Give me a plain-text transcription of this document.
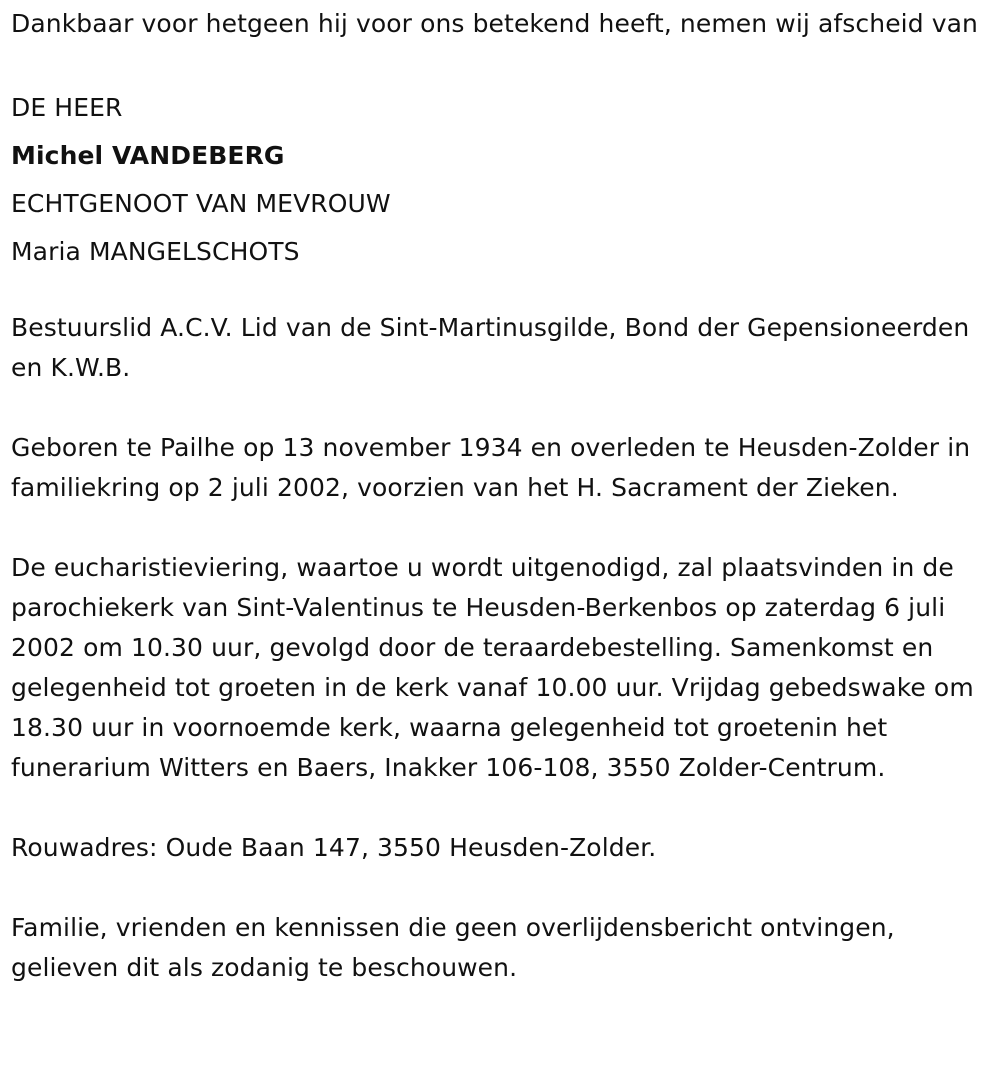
Dankbaar voor hetgeen hij voor ons betekend heeft, nemen wij afscheid van

DE HEER

Michel VANDEBERG

ECHTGENOOT VAN MEVROUW

Maria MANGELSCHOTS

Bestuurslid A.C.V. Lid van de Sint-Martinusgilde, Bond der Gepensioneerden en K.W.B.

Geboren te Pailhe op 13 november 1934 en overleden te Heusden-Zolder in familiekring op 2 juli 2002, voorzien van het H. Sacrament der Zieken.

De eucharistieviering, waartoe u wordt uitgenodigd, zal plaatsvinden in de parochiekerk van Sint-Valentinus te Heusden-Berkenbos op zaterdag 6 juli 2002 om 10.30 uur, gevolgd door de teraardebestelling. Samenkomst en gelegenheid tot groeten in de kerk vanaf 10.00 uur. Vrijdag gebedswake om 18.30 uur in voornoemde kerk, waarna gelegenheid tot groetenin het funerarium Witters en Baers, Inakker 106-108, 3550 Zolder-Centrum.

Rouwadres: Oude Baan 147, 3550 Heusden-Zolder.

Familie, vrienden en kennissen die geen overlijdensbericht ontvingen, gelieven dit als zodanig te beschouwen.
